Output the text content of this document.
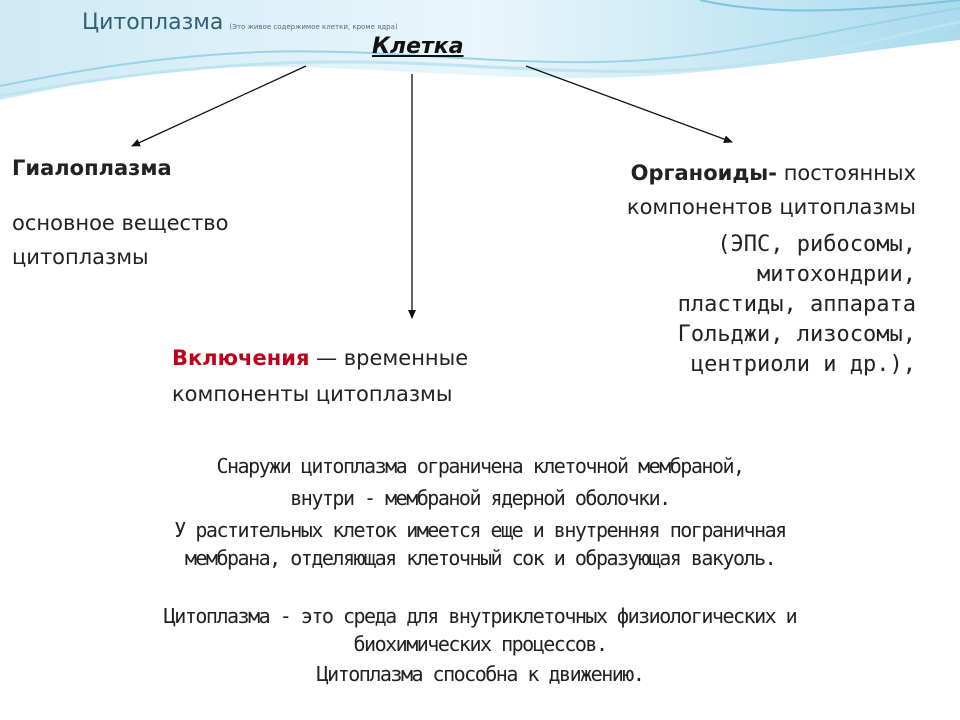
Цитоплазма (Это живое содержимое клетки, кроме ядра)
Клетка
Гиалоплазма
основное вещество
цитоплазмы
Органоиды- постоянных
компонентов цитоплазмы
(ЭПС, рибосомы,
митохондрии,
пластиды, аппарата
Гольджи, лизосомы,
центриоли и др.),
Включения — временные
компоненты цитоплазмы
Снаружи цитоплазма ограничена клеточной мембраной,
внутри - мембраной ядерной оболочки.
У растительных клеток имеется еще и внутренняя пограничная
мембрана, отделяющая клеточный сок и образующая вакуоль.
Цитоплазма - это среда для внутриклеточных физиологических и
биохимических процессов.
Цитоплазма способна к движению.
